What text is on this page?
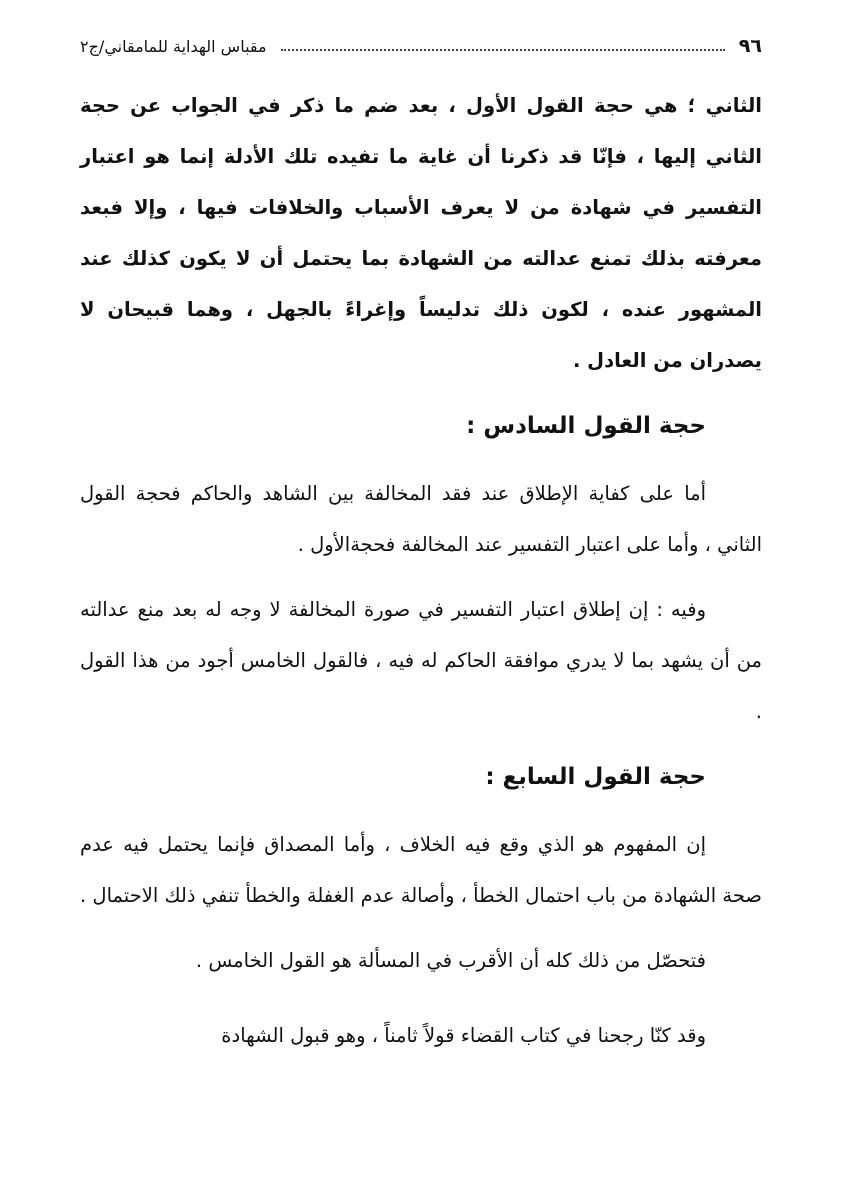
٩٦
مقباس الهداية للمامقاني/ج٢

الثاني ؛ هي حجة القول الأول ، بعد ضم ما ذكر في الجواب عن حجة الثاني إليها ، فإنّا قد ذكرنا أن غاية ما تفيده تلك الأدلة إنما هو اعتبار التفسير في شهادة من لا يعرف الأسباب والخلافات فيها ، وإلا فبعد معرفته بذلك تمنع عدالته من الشهادة بما يحتمل أن لا يكون كذلك عند المشهور عنده ، لكون ذلك تدليساً وإغراءً بالجهل ، وهما قبيحان لا يصدران من العادل .

حجة القول السادس :

أما على كفاية الإطلاق عند فقد المخالفة بين الشاهد والحاكم فحجة القول الثاني ، وأما على اعتبار التفسير عند المخالفة فحجةالأول .

وفيه : إن إطلاق اعتبار التفسير في صورة المخالفة لا وجه له بعد منع عدالته من أن يشهد بما لا يدري موافقة الحاكم له فيه ، فالقول الخامس أجود من هذا القول .

حجة القول السابع :

إن المفهوم هو الذي وقع فيه الخلاف ، وأما المصداق فإنما يحتمل فيه عدم صحة الشهادة من باب احتمال الخطأ ، وأصالة عدم الغفلة والخطأ تنفي ذلك الاحتمال .

فتحصّل من ذلك كله أن الأقرب في المسألة هو القول الخامس .

وقد كنّا رجحنا في كتاب القضاء قولاً ثامناً ، وهو قبول الشهادة
